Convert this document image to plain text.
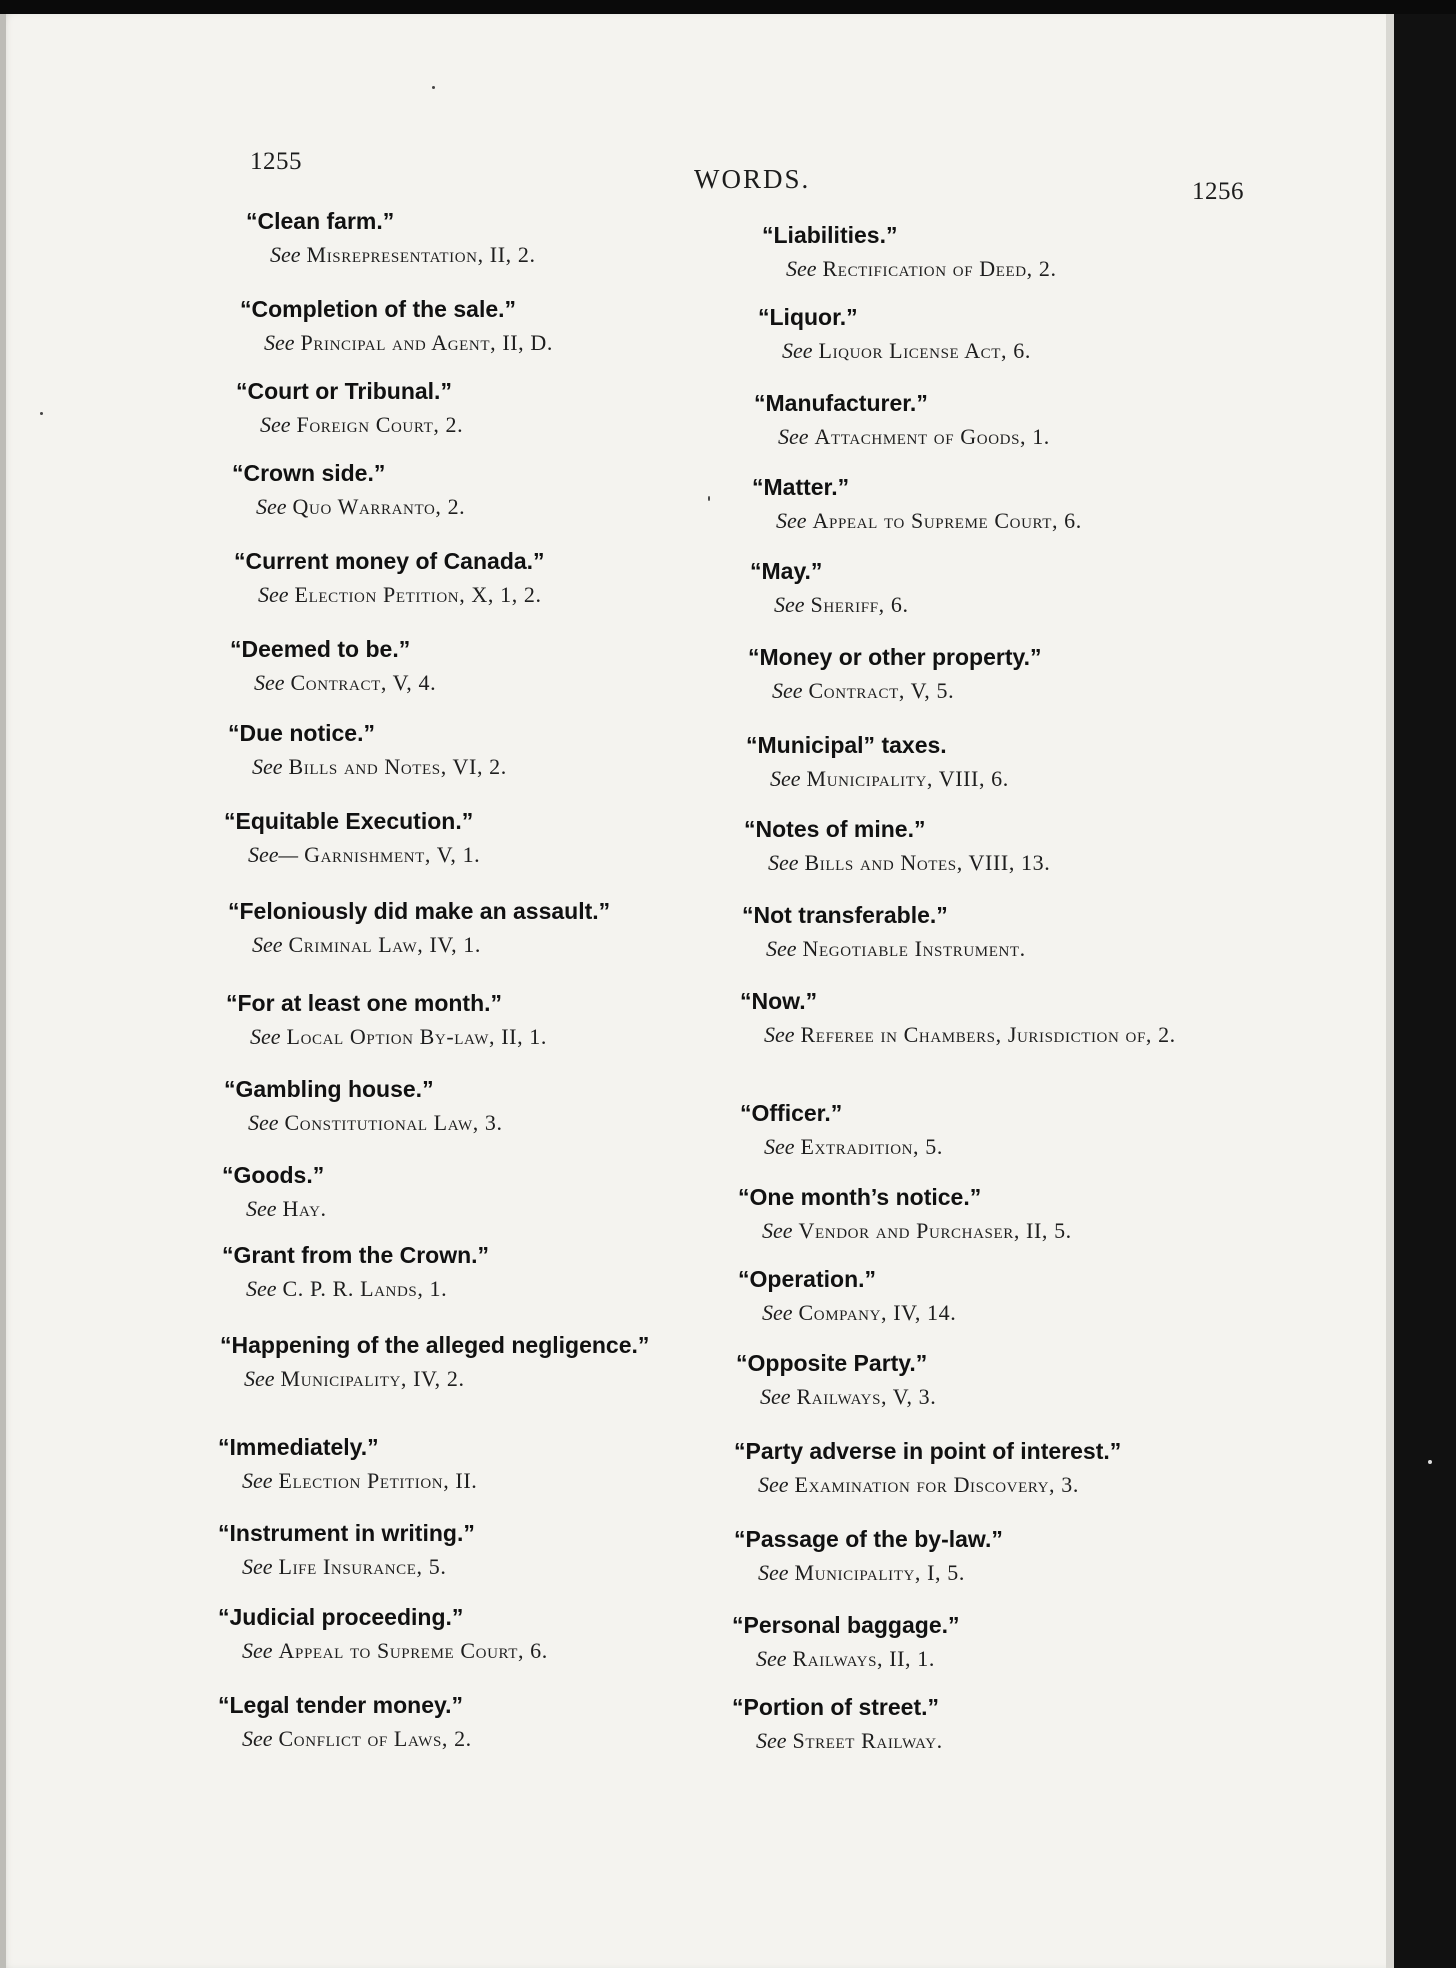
1255
WORDS.	1256
“Clean farm.”
See Misrepresentation, II, 2.
“Completion of the sale.”
See Principal and Agent, II, D.
“Court or Tribunal.”
See Foreign Court, 2.
“Crown side.”
See Quo Warranto, 2.
“Current money of Canada.”
See Election Petition, X, 1, 2.
“Deemed to be.”
See Contract, V, 4.
“Due notice.”
See Bills and Notes, VI, 2.
“Equitable Execution.”
See— Garnishment, V, 1.
“Feloniously did make an assault.”
See Criminal Law, IV, 1.
“For at least one month.”
See Local Option By-law, II, 1.
“Gambling house.”
See Constitutional Law, 3.
“Goods.”
See Hay.
“Grant from the Crown.”
See C. P. R. Lands, 1.
“Happening of the alleged negligence.”
See Municipality, IV, 2.
“Immediately.”
See Election Petition, II.
“Instrument in writing.”
See Life Insurance, 5.
“Judicial proceeding.”
See Appeal to Supreme Court, 6.
“Legal tender money.”
See Conflict of Laws, 2.
“Liabilities.”
See Rectification of Deed, 2.
“Liquor.”
See Liquor License Act, 6.
“Manufacturer.”
See Attachment of Goods, 1.
“Matter.”
See Appeal to Supreme Court, 6.
“May.”
See Sheriff, 6.
“Money or other property.”
See Contract, V, 5.
“Municipal” taxes.
See Municipality, VIII, 6.
“Notes of mine.”
See Bills and Notes, VIII, 13.
“Not transferable.”
See Negotiable Instrument.
“Now.”
See Referee in Chambers, Jurisdiction of, 2.
“Officer.”
See Extradition, 5.
“One month’s notice.”
See Vendor and Purchaser, II, 5.
“Operation.”
See Company, IV, 14.
“Opposite Party.”
See Railways, V, 3.
“Party adverse in point of interest.”
See Examination for Discovery, 3.
“Passage of the by-law.”
See Municipality, I, 5.
“Personal baggage.”
See Railways, II, 1.
“Portion of street.”
See Street Railway.
